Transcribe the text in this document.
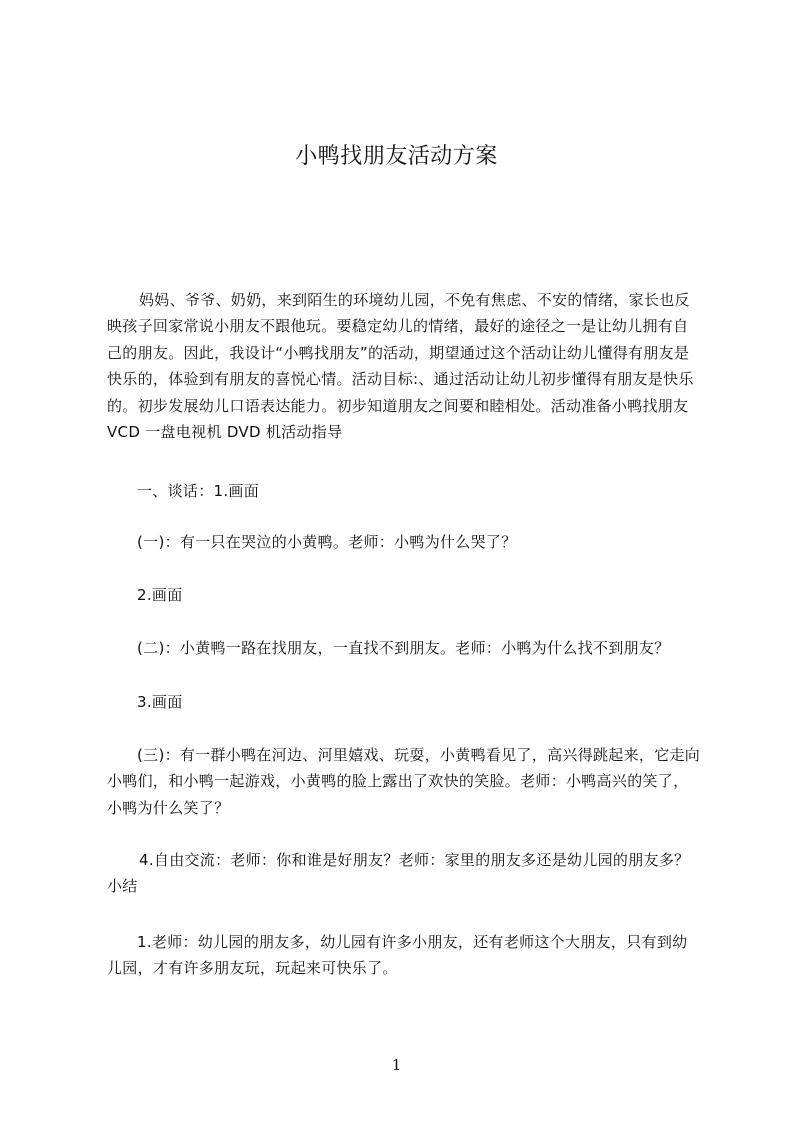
小鸭找朋友活动方案

妈妈、爷爷、奶奶，来到陌生的环境幼儿园，不免有焦虑、不安的情绪，家长也反映孩子回家常说小朋友不跟他玩。要稳定幼儿的情绪，最好的途径之一是让幼儿拥有自己的朋友。因此，我设计“小鸭找朋友”的活动，期望通过这个活动让幼儿懂得有朋友是快乐的，体验到有朋友的喜悦心情。活动目标:、通过活动让幼儿初步懂得有朋友是快乐的。初步发展幼儿口语表达能力。初步知道朋友之间要和睦相处。活动准备小鸭找朋友 VCD 一盘电视机 DVD 机活动指导

一、谈话：1.画面

(一)：有一只在哭泣的小黄鸭。老师：小鸭为什么哭了？

2.画面

(二)：小黄鸭一路在找朋友，一直找不到朋友。老师：小鸭为什么找不到朋友？

3.画面

(三)：有一群小鸭在河边、河里嬉戏、玩耍，小黄鸭看见了，高兴得跳起来，它走向小鸭们，和小鸭一起游戏，小黄鸭的脸上露出了欢快的笑脸。老师：小鸭高兴的笑了，小鸭为什么笑了？

4.自由交流：老师：你和谁是好朋友？老师：家里的朋友多还是幼儿园的朋友多？小结

1.老师：幼儿园的朋友多，幼儿园有许多小朋友，还有老师这个大朋友，只有到幼儿园，才有许多朋友玩，玩起来可快乐了。

1
